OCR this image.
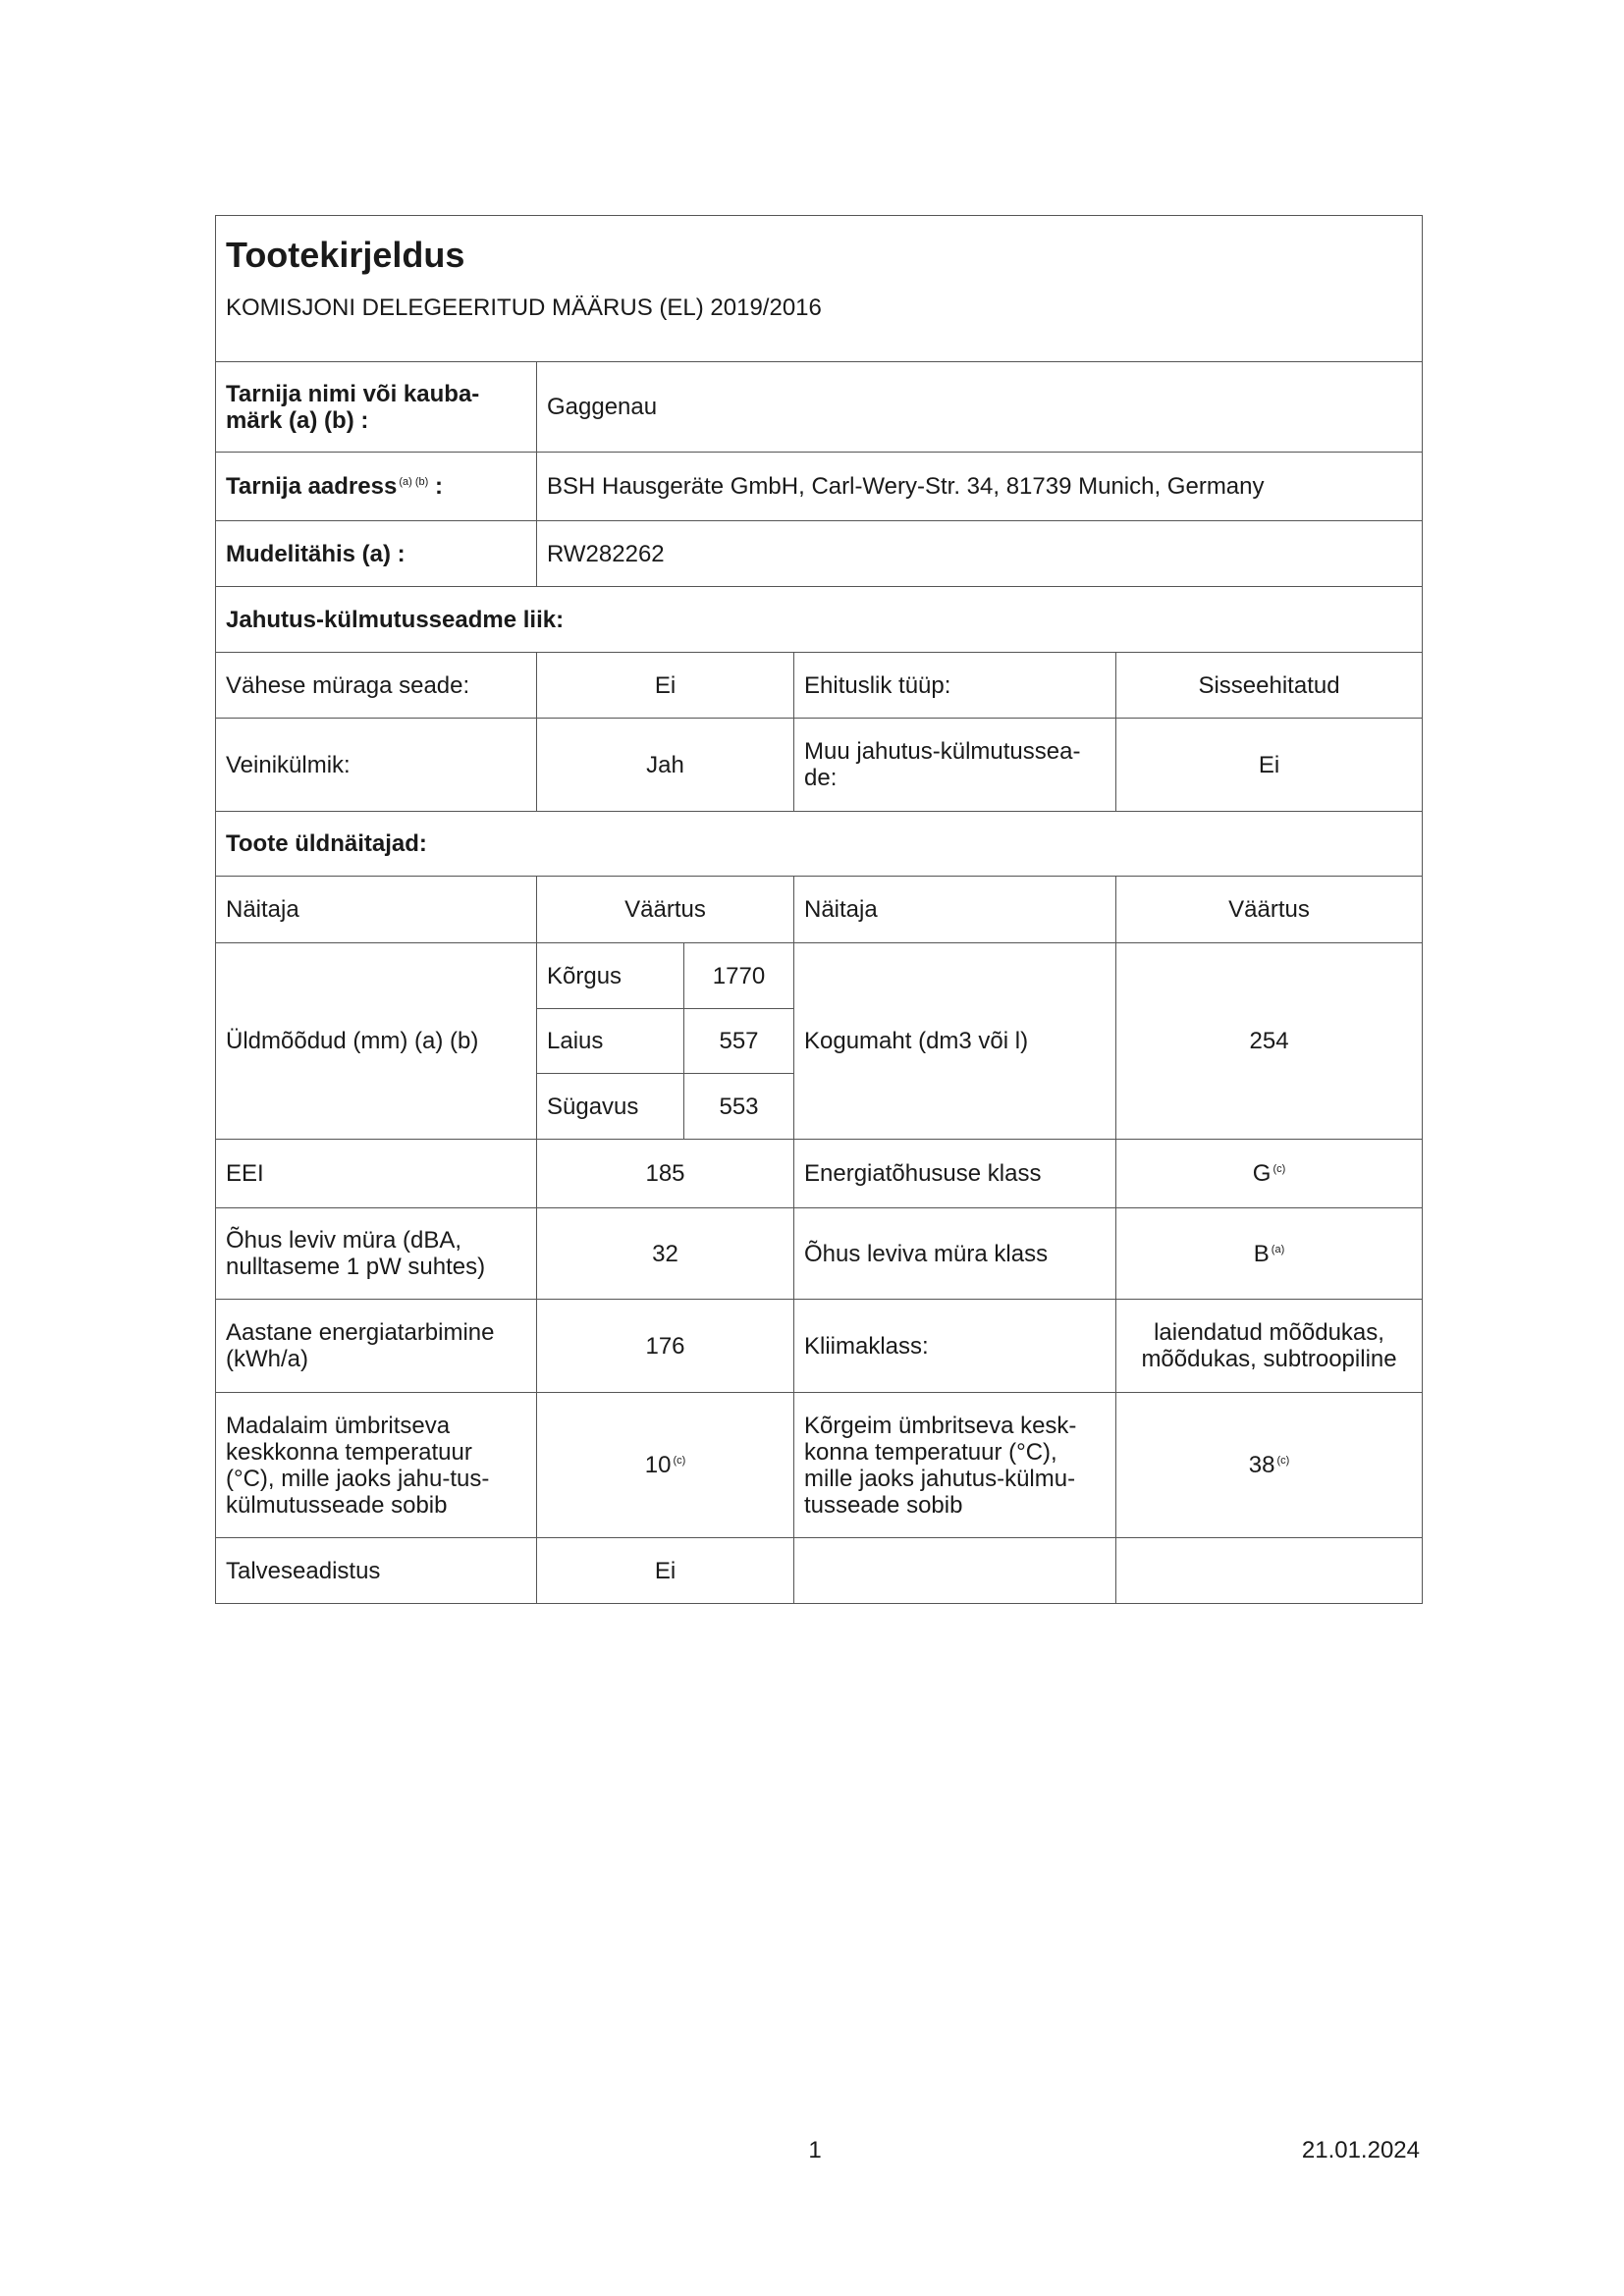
Tootekirjeldus
KOMISJONI DELEGEERITUD MÄÄRUS (EL) 2019/2016				

Tarnija nimi või kauba-märk (a) (b) :	Gaggenau			
Tarnija aadress $^{(a) (b)}$ :	BSH Hausgeräte GmbH, Carl-Wery-Str. 34, 81739 Munich, Germany			
Mudelitähis (a) :	RW282262			
Jahutus-külmutusseadme liik:				
Vähese müraga seade:	Ei		Ehituslik tüüp:	Sisseehitatud
Veinikülmik:	Jah		Muu jahutus-külmutussea-de:	Ei
Toote üldnäitajad:				
Näitaja	Väärtus		Näitaja	Väärtus
Üldmõõdud (mm) (a) (b)	Kõrgus	1770	Kogumaht (dm3 või l)	254
	Laius	557		
	Sügavus	553		
EEI	185		Energiatõhususe klass	G $^{(c)}$
Õhus leviv müra (dBA, nulltaseme 1 pW suhtes)	32		Õhus leviva müra klass	B $^{(a)}$
Aastane energiatarbimine (kWh/a)	176		Kliimaklass:	laiendatud mõõdukas, mõõdukas, subtroopiline
Madalaim ümbritseva keskkonna temperatuur (°C), mille jaoks jahu-tus-külmutusseade sobib	10 $^{(c)}$		Kõrgeim ümbritseva kesk-konna temperatuur (°C), mille jaoks jahutus-külmu-tusseade sobib	38 $^{(c)}$
Talveseadistus	Ei			
1	21.01.2024
